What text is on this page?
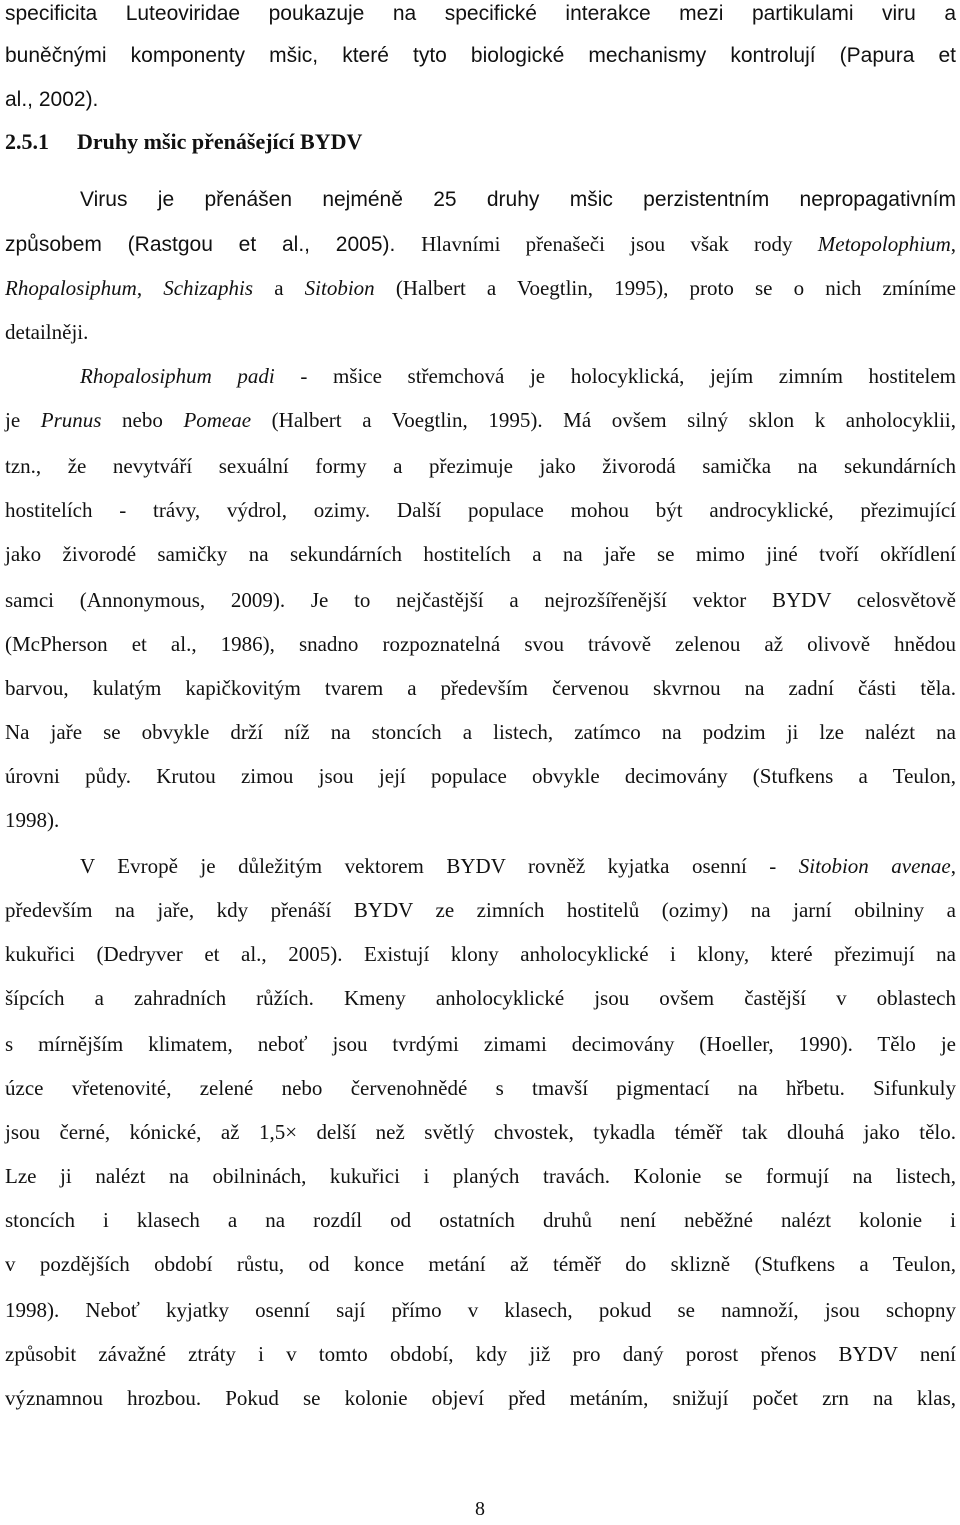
specificita Luteoviridae poukazuje na specifické interakce mezi partikulami viru a
buněčnými komponenty mšic, které tyto biologické mechanismy kontrolují (Papura et
al., 2002).
2.5.1 Druhy mšic přenášející BYDV
Virus je přenášen nejméně 25 druhy mšic perzistentním nepropagativním
způsobem (Rastgou et al., 2005). Hlavními přenašeči jsou však rody Metopolophium,
Rhopalosiphum, Schizaphis a Sitobion (Halbert a Voegtlin, 1995), proto se o nich zmíníme
detailněji.
Rhopalosiphum padi - mšice střemchová je holocyklická, jejím zimním hostitelem
je Prunus nebo Pomeae (Halbert a Voegtlin, 1995). Má ovšem silný sklon k anholocyklii,
tzn., že nevytváří sexuální formy a přezimuje jako živorodá samička na sekundárních
hostitelích - trávy, výdrol, ozimy. Další populace mohou být androcyklické, přezimující
jako živorodé samičky na sekundárních hostitelích a na jaře se mimo jiné tvoří okřídlení
samci (Annonymous, 2009). Je to nejčastější a nejrozšířenější vektor BYDV celosvětově
(McPherson et al., 1986), snadno rozpoznatelná svou trávově zelenou až olivově hnědou
barvou, kulatým kapičkovitým tvarem a především červenou skvrnou na zadní části těla.
Na jaře se obvykle drží níž na stoncích a listech, zatímco na podzim ji lze nalézt na
úrovni půdy. Krutou zimou jsou její populace obvykle decimovány (Stufkens a Teulon,
1998).
V Evropě je důležitým vektorem BYDV rovněž kyjatka osenní - Sitobion avenae,
především na jaře, kdy přenáší BYDV ze zimních hostitelů (ozimy) na jarní obilniny a
kukuřici (Dedryver et al., 2005). Existují klony anholocyklické i klony, které přezimují na
šípcích a zahradních růžích. Kmeny anholocyklické jsou ovšem častější v oblastech
s mírnějším klimatem, neboť jsou tvrdými zimami decimovány (Hoeller, 1990). Tělo je
úzce vřetenovité, zelené nebo červenohnědé s tmavší pigmentací na hřbetu. Sifunkuly
jsou černé, kónické, až 1,5× delší než světlý chvostek, tykadla téměř tak dlouhá jako tělo.
Lze ji nalézt na obilninách, kukuřici i planých travách. Kolonie se formují na listech,
stoncích i klasech a na rozdíl od ostatních druhů není neběžné nalézt kolonie i
v pozdějších období růstu, od konce metání až téměř do sklizně (Stufkens a Teulon,
1998). Neboť kyjatky osenní sají přímo v klasech, pokud se namnoží, jsou schopny
způsobit závažné ztráty i v tomto období, kdy již pro daný porost přenos BYDV není
významnou hrozbou. Pokud se kolonie objeví před metáním, snižují počet zrn na klas,
8
